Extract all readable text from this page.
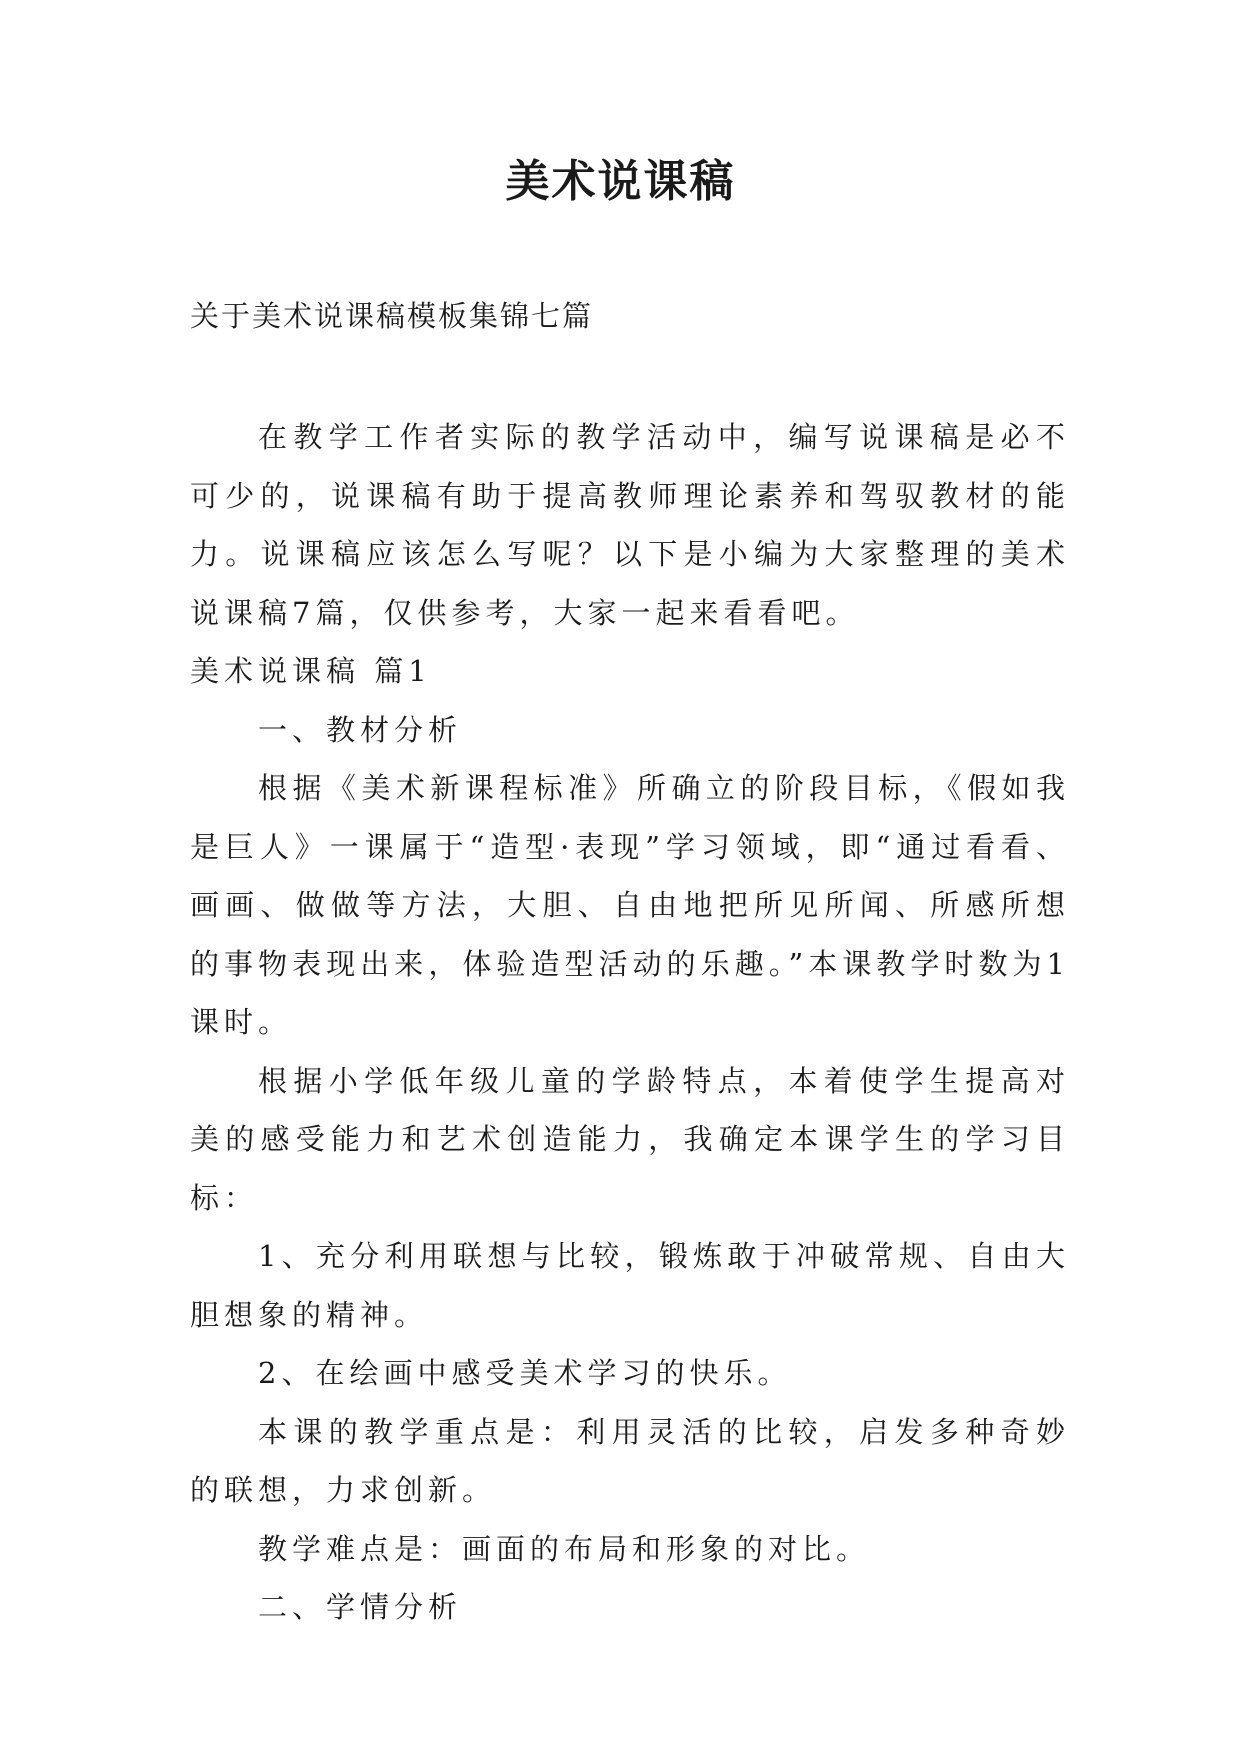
美术说课稿
关于美术说课稿模板集锦七篇

在教学工作者实际的教学活动中，编写说课稿是必不可少的，说课稿有助于提高教师理论素养和驾驭教材的能力。说课稿应该怎么写呢？以下是小编为大家整理的美术说课稿7篇，仅供参考，大家一起来看看吧。

美术说课稿 篇1

一、教材分析

根据《美术新课程标准》所确立的阶段目标，《假如我是巨人》一课属于“造型·表现”学习领域，即“通过看看、画画、做做等方法，大胆、自由地把所见所闻、所感所想的事物表现出来，体验造型活动的乐趣。”本课教学时数为1课时。

根据小学低年级儿童的学龄特点，本着使学生提高对美的感受能力和艺术创造能力，我确定本课学生的学习目标：

1、充分利用联想与比较，锻炼敢于冲破常规、自由大胆想象的精神。

2、在绘画中感受美术学习的快乐。

本课的教学重点是：利用灵活的比较，启发多种奇妙的联想，力求创新。

教学难点是：画面的布局和形象的对比。

二、学情分析
